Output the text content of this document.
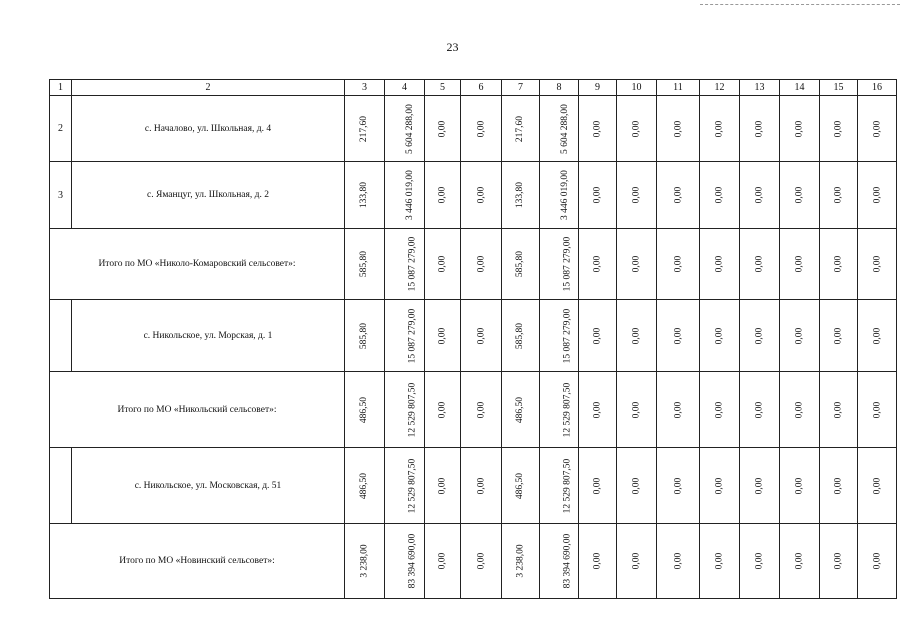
23
1	2	3	4	5	6	7	8	9	10	11	12	13	14	15	16
2	с. Началово, ул. Школьная, д. 4	217,60	5 604 288,00	0,00	0,00	217,60	5 604 288,00	0,00	0,00	0,00	0,00	0,00	0,00	0,00	0,00
3	с. Яманцуг, ул. Школьная, д. 2	133,80	3 446 019,00	0,00	0,00	133,80	3 446 019,00	0,00	0,00	0,00	0,00	0,00	0,00	0,00	0,00
Итого по МО «Николо-Комаровский сельсовет»:		585,80	15 087 279,00	0,00	0,00	585,80	15 087 279,00	0,00	0,00	0,00	0,00	0,00	0,00	0,00	0,00
	с. Никольское, ул. Морская, д. 1	585,80	15 087 279,00	0,00	0,00	585,80	15 087 279,00	0,00	0,00	0,00	0,00	0,00	0,00	0,00	0,00
Итого по МО «Никольский сельсовет»:		486,50	12 529 807,50	0,00	0,00	486,50	12 529 807,50	0,00	0,00	0,00	0,00	0,00	0,00	0,00	0,00
	с. Никольское, ул. Московская, д. 51	486,50	12 529 807,50	0,00	0,00	486,50	12 529 807,50	0,00	0,00	0,00	0,00	0,00	0,00	0,00	0,00
Итого по МО «Новинский сельсовет»:		3 238,00	83 394 690,00	0,00	0,00	3 238,00	83 394 690,00	0,00	0,00	0,00	0,00	0,00	0,00	0,00	0,00
